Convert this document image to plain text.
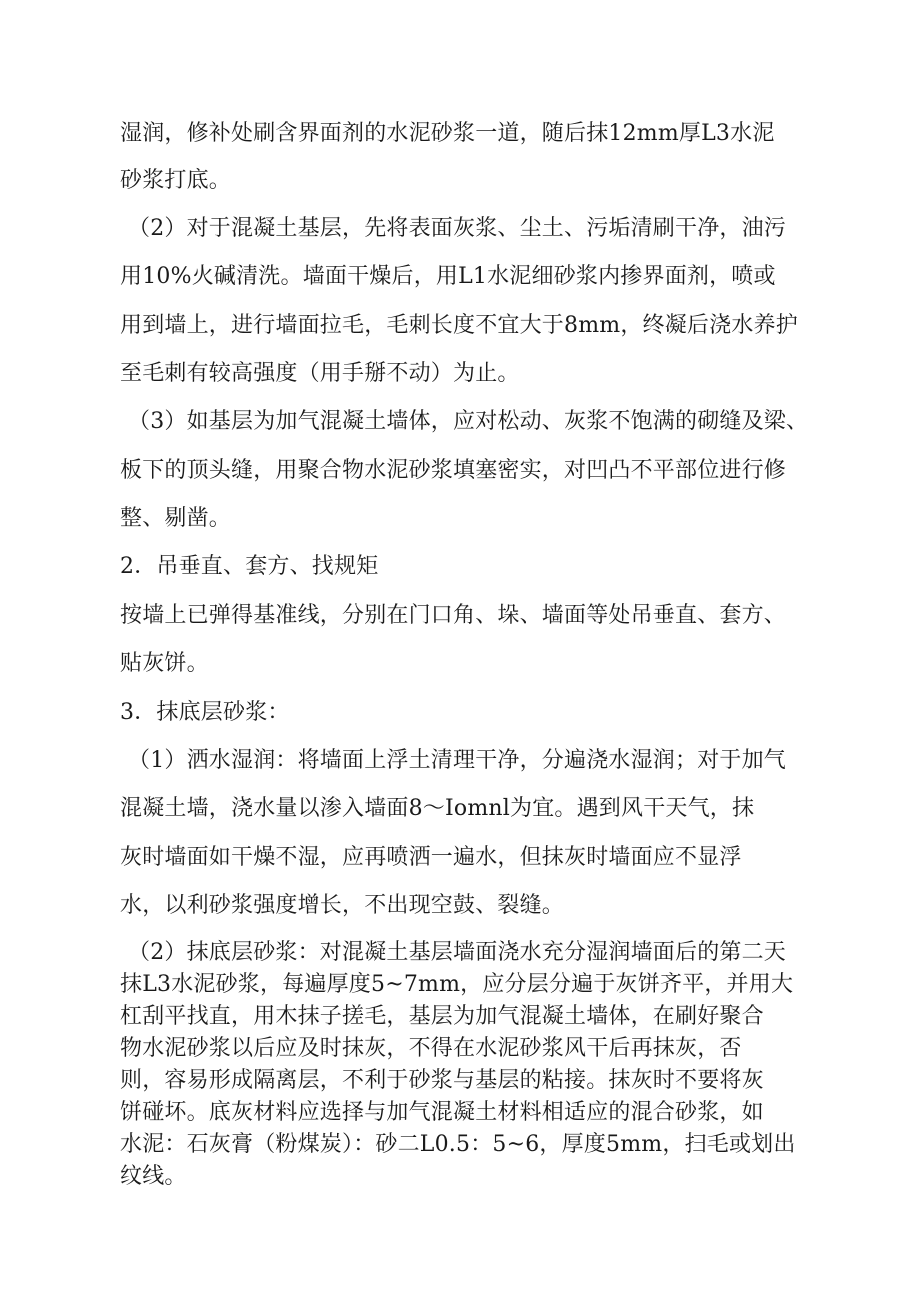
湿润，修补处刷含界面剂的水泥砂浆一道，随后抹12mm厚L3水泥
砂浆打底。
（2）对于混凝土基层，先将表面灰浆、尘土、污垢清刷干净，油污
用10%火碱清洗。墙面干燥后，用L1水泥细砂浆内掺界面剂，喷或
用到墙上，进行墙面拉毛，毛刺长度不宜大于8mm，终凝后浇水养护
至毛刺有较高强度（用手掰不动）为止。
（3）如基层为加气混凝土墙体，应对松动、灰浆不饱满的砌缝及梁、
板下的顶头缝，用聚合物水泥砂浆填塞密实，对凹凸不平部位进行修
整、剔凿。
2．吊垂直、套方、找规矩
按墙上已弹得基准线，分别在门口角、垛、墙面等处吊垂直、套方、
贴灰饼。
3．抹底层砂浆：
（1）洒水湿润：将墙面上浮土清理干净，分遍浇水湿润；对于加气
混凝土墙，浇水量以渗入墙面8～Iomnl为宜。遇到风干天气，抹
灰时墙面如干燥不湿，应再喷洒一遍水，但抹灰时墙面应不显浮
水，以利砂浆强度增长，不出现空鼓、裂缝。
（2）抹底层砂浆：对混凝土基层墙面浇水充分湿润墙面后的第二天
抹L3水泥砂浆，每遍厚度5~7mm，应分层分遍于灰饼齐平，并用大
杠刮平找直，用木抹子搓毛，基层为加气混凝土墙体，在刷好聚合
物水泥砂浆以后应及时抹灰，不得在水泥砂浆风干后再抹灰，否
则，容易形成隔离层，不利于砂浆与基层的粘接。抹灰时不要将灰
饼碰坏。底灰材料应选择与加气混凝土材料相适应的混合砂浆，如
水泥：石灰膏（粉煤炭）：砂二L0.5：5~6，厚度5mm，扫毛或划出
纹线。
